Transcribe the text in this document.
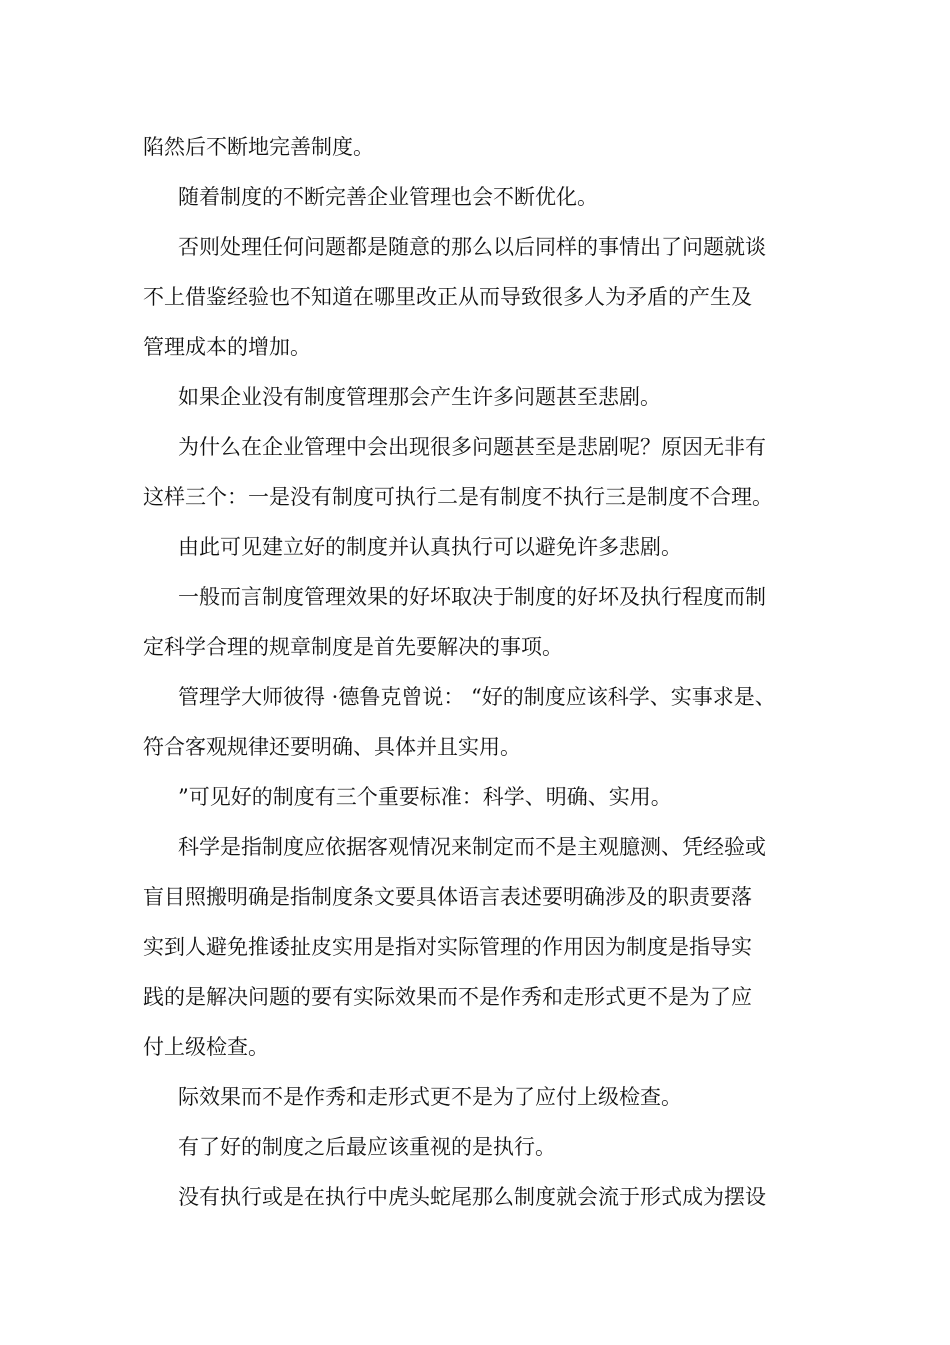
陷然后不断地完善制度。

随着制度的不断完善企业管理也会不断优化。

否则处理任何问题都是随意的那么以后同样的事情出了问题就谈

不上借鉴经验也不知道在哪里改正从而导致很多人为矛盾的产生及

管理成本的增加。

如果企业没有制度管理那会产生许多问题甚至悲剧。

为什么在企业管理中会出现很多问题甚至是悲剧呢？原因无非有

这样三个：一是没有制度可执行二是有制度不执行三是制度不合理。

由此可见建立好的制度并认真执行可以避免许多悲剧。

一般而言制度管理效果的好坏取决于制度的好坏及执行程度而制

定科学合理的规章制度是首先要解决的事项。

管理学大师彼得 ·德鲁克曾说： “好的制度应该科学、实事求是、

符合客观规律还要明确、具体并且实用。

”可见好的制度有三个重要标准：科学、明确、实用。

科学是指制度应依据客观情况来制定而不是主观臆测、凭经验或

盲目照搬明确是指制度条文要具体语言表述要明确涉及的职责要落

实到人避免推诿扯皮实用是指对实际管理的作用因为制度是指导实

践的是解决问题的要有实际效果而不是作秀和走形式更不是为了应

付上级检查。

际效果而不是作秀和走形式更不是为了应付上级检查。

有了好的制度之后最应该重视的是执行。

没有执行或是在执行中虎头蛇尾那么制度就会流于形式成为摆设
